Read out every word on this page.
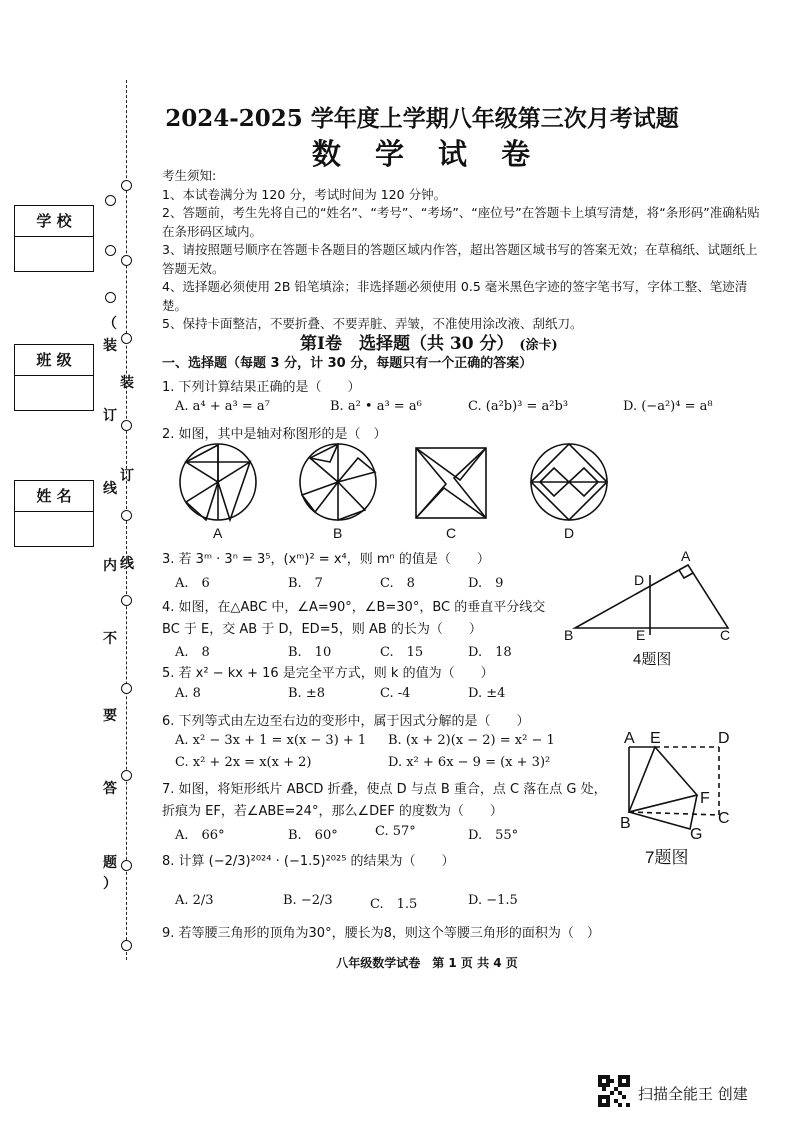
装
订
线
（
装
订
线
内
不
要
答
题
）
学 校
班 级
姓 名
2024-2025 学年度上学期八年级第三次月考试题
数 学 试 卷
考生须知:
1、本试卷满分为 120 分，考试时间为 120 分钟。
2、答题前，考生先将自己的“姓名”、“考号”、“考场”、“座位号”在答题卡上填写清楚，将“条形码”准确粘贴在条形码区域内。
3、请按照题号顺序在答题卡各题目的答题区域内作答，超出答题区域书写的答案无效；在草稿纸、试题纸上答题无效。
4、选择题必须使用 2B 铅笔填涂；非选择题必须使用 0.5 毫米黑色字迹的签字笔书写，字体工整、笔迹清楚。
5、保持卡面整洁，不要折叠、不要弄脏、弄皱，不准使用涂改液、刮纸刀。
第Ⅰ卷　选择题（共 30 分） (涂卡)
一、选择题（每题 3 分，计 30 分，每题只有一个正确的答案）
1. 下列计算结果正确的是（　　）
A. a⁴ + a³ = a⁷	B. a² • a³ = a⁶	C. (a²b)³ = a²b³	D. (−a²)⁴ = a⁸
2. 如图，其中是轴对称图形的是（　）
A	B	C	D
3. 若 3ᵐ · 3ⁿ = 3⁵，(xᵐ)² = x⁴，则 mⁿ 的值是（　　）
A.　6	B.　7	C.　8	D.　9
4. 如图，在△ABC 中，∠A=90°，∠B=30°，BC 的垂直平分线交
BC 于 E，交 AB 于 D，ED=5，则 AB 的长为（　　）
A.　8	B.　10	C.　15	D.　18
A
D
B	E	C
4题图
5. 若 x² − kx + 16 是完全平方式，则 k 的值为（　　）
A. 8	B. ±8	C. -4	D. ±4
6. 下列等式由左边至右边的变形中，属于因式分解的是（　　）
A. x² − 3x + 1 = x(x − 3) + 1 B. (x + 2)(x − 2) = x² − 1
C. x² + 2x = x(x + 2)	D. x² + 6x − 9 = (x + 3)²
7. 如图，将矩形纸片 ABCD 折叠，使点 D 与点 B 重合，点 C 落在点 G 处，
折痕为 EF，若∠ABE=24°，那么∠DEF 的度数为（　　）
A.　66°	B.　60°	C. 57°	D.　55°
A E	D
F
B	C
G
7题图
8. 计算 (−2/3)²⁰²⁴ · (−1.5)²⁰²⁵ 的结果为（　　）
A. 2/3	B. −2/3	C.　1.5	D. −1.5
9. 若等腰三角形的顶角为30°，腰长为8，则这个等腰三角形的面积为（　）
八年级数学试卷　第 1 页 共 4 页
扫描全能王 创建
